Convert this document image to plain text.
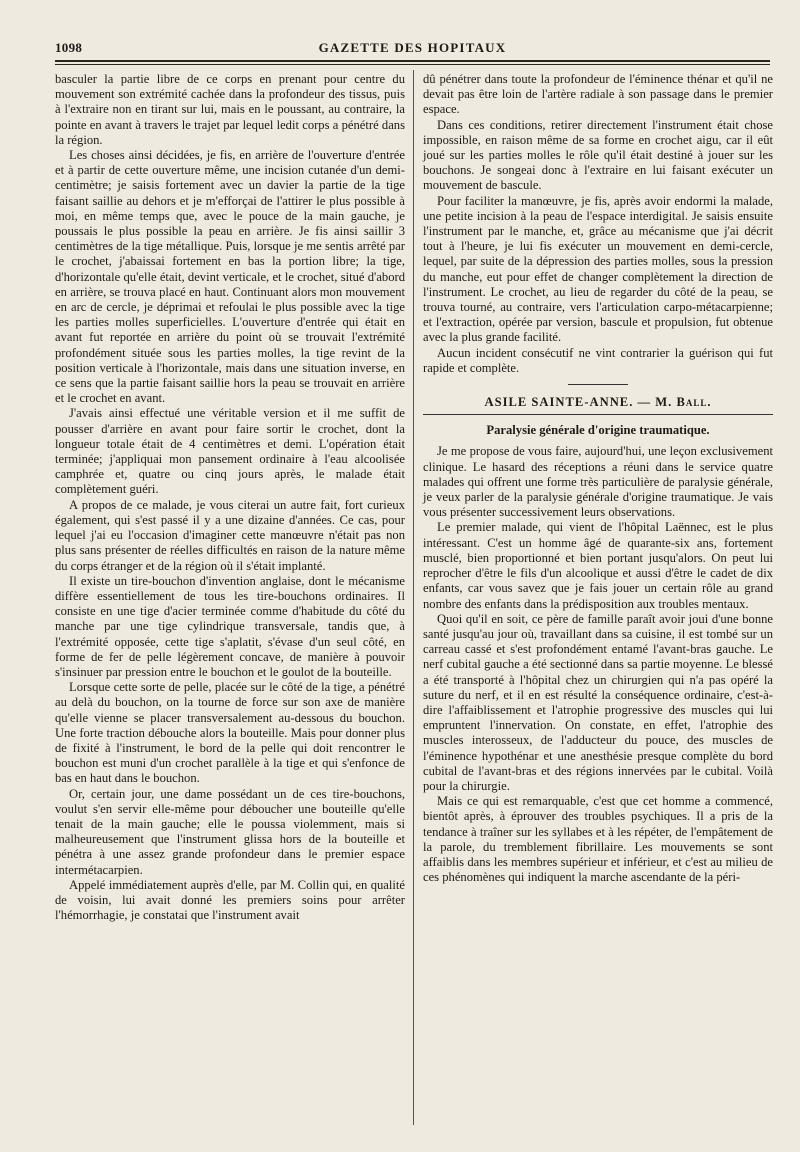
1098	GAZETTE DES HOPITAUX

basculer la partie libre de ce corps en prenant pour centre du mouvement son extrémité cachée dans la profondeur des tissus, puis à l'extraire non en tirant sur lui, mais en le poussant, au contraire, la pointe en avant à travers le trajet par lequel ledit corps a pénétré dans la région.

Les choses ainsi décidées, je fis, en arrière de l'ouverture d'entrée et à partir de cette ouverture même, une incision cutanée d'un demi-centimètre; je saisis fortement avec un davier la partie de la tige faisant saillie au dehors et je m'efforçai de l'attirer le plus possible à moi, en même temps que, avec le pouce de la main gauche, je poussais le plus possible la peau en arrière. Je fis ainsi saillir 3 centimètres de la tige métallique. Puis, lorsque je me sentis arrêté par le crochet, j'abaissai fortement en bas la portion libre; la tige, d'horizontale qu'elle était, devint verticale, et le crochet, situé d'abord en arrière, se trouva placé en haut. Continuant alors mon mouvement en arc de cercle, je déprimai et refoulai le plus possible avec la tige les parties molles superficielles. L'ouverture d'entrée qui était en avant fut reportée en arrière du point où se trouvait l'extrémité profondément située sous les parties molles, la tige revint de la position verticale à l'horizontale, mais dans une situation inverse, en ce sens que la partie faisant saillie hors la peau se trouvait en arrière et le crochet en avant.

J'avais ainsi effectué une véritable version et il me suffit de pousser d'arrière en avant pour faire sortir le crochet, dont la longueur totale était de 4 centimètres et demi. L'opération était terminée; j'appliquai mon pansement ordinaire à l'eau alcoolisée camphrée et, quatre ou cinq jours après, le malade était complètement guéri.

A propos de ce malade, je vous citerai un autre fait, fort curieux également, qui s'est passé il y a une dizaine d'années. Ce cas, pour lequel j'ai eu l'occasion d'imaginer cette manœuvre n'était pas non plus sans présenter de réelles difficultés en raison de la nature même du corps étranger et de la région où il s'était implanté.

Il existe un tire-bouchon d'invention anglaise, dont le mécanisme diffère essentiellement de tous les tire-bouchons ordinaires. Il consiste en une tige d'acier terminée comme d'habitude du côté du manche par une tige cylindrique transversale, tandis que, à l'extrémité opposée, cette tige s'aplatit, s'évase d'un seul côté, en forme de fer de pelle légèrement concave, de manière à pouvoir s'insinuer par pression entre le bouchon et le goulot de la bouteille.

Lorsque cette sorte de pelle, placée sur le côté de la tige, a pénétré au delà du bouchon, on la tourne de force sur son axe de manière qu'elle vienne se placer transversalement au-dessous du bouchon. Une forte traction débouche alors la bouteille. Mais pour donner plus de fixité à l'instrument, le bord de la pelle qui doit rencontrer le bouchon est muni d'un crochet parallèle à la tige et qui s'enfonce de bas en haut dans le bouchon.

Or, certain jour, une dame possédant un de ces tire-bouchons, voulut s'en servir elle-même pour déboucher une bouteille qu'elle tenait de la main gauche; elle le poussa violemment, mais si malheureusement que l'instrument glissa hors de la bouteille et pénétra à une assez grande profondeur dans le premier espace intermétacarpien.

Appelé immédiatement auprès d'elle, par M. Collin qui, en qualité de voisin, lui avait donné les premiers soins pour arrêter l'hémorrhagie, je constatai que l'instrument avait

dû pénétrer dans toute la profondeur de l'éminence thénar et qu'il ne devait pas être loin de l'artère radiale à son passage dans le premier espace.

Dans ces conditions, retirer directement l'instrument était chose impossible, en raison même de sa forme en crochet aigu, car il eût joué sur les parties molles le rôle qu'il était destiné à jouer sur les bouchons. Je songeai donc à l'extraire en lui faisant exécuter un mouvement de bascule.

Pour faciliter la manœuvre, je fis, après avoir endormi la malade, une petite incision à la peau de l'espace interdigital. Je saisis ensuite l'instrument par le manche, et, grâce au mécanisme que j'ai décrit tout à l'heure, je lui fis exécuter un mouvement en demi-cercle, lequel, par suite de la dépression des parties molles, sous la pression du manche, eut pour effet de changer complètement la direction de l'instrument. Le crochet, au lieu de regarder du côté de la peau, se trouva tourné, au contraire, vers l'articulation carpo-métacarpienne; et l'extraction, opérée par version, bascule et propulsion, fut obtenue avec la plus grande facilité.

Aucun incident consécutif ne vint contrarier la guérison qui fut rapide et complète.

ASILE SAINTE-ANNE. — M. Ball.
Paralysie générale d'origine traumatique.

Je me propose de vous faire, aujourd'hui, une leçon exclusivement clinique. Le hasard des réceptions a réuni dans le service quatre malades qui offrent une forme très particulière de paralysie générale, je veux parler de la paralysie générale d'origine traumatique. Je vais vous présenter successivement leurs observations.

Le premier malade, qui vient de l'hôpital Laënnec, est le plus intéressant. C'est un homme âgé de quarante-six ans, fortement musclé, bien proportionné et bien portant jusqu'alors. On peut lui reprocher d'être le fils d'un alcoolique et aussi d'être le cadet de dix enfants, car vous savez que je fais jouer un certain rôle au grand nombre des enfants dans la prédisposition aux troubles mentaux.

Quoi qu'il en soit, ce père de famille paraît avoir joui d'une bonne santé jusqu'au jour où, travaillant dans sa cuisine, il est tombé sur un carreau cassé et s'est profondément entamé l'avant-bras gauche. Le nerf cubital gauche a été sectionné dans sa partie moyenne. Le blessé a été transporté à l'hôpital chez un chirurgien qui n'a pas opéré la suture du nerf, et il en est résulté la conséquence ordinaire, c'est-à-dire l'affaiblissement et l'atrophie progressive des muscles qui lui empruntent l'innervation. On constate, en effet, l'atrophie des muscles interosseux, de l'adducteur du pouce, des muscles de l'éminence hypothénar et une anesthésie presque complète du bord cubital de l'avant-bras et des régions innervées par le cubital. Voilà pour la chirurgie.

Mais ce qui est remarquable, c'est que cet homme a commencé, bientôt après, à éprouver des troubles psychiques. Il a pris de la tendance à traîner sur les syllabes et à les répéter, de l'empâtement de la parole, du tremblement fibrillaire. Les mouvements se sont affaiblis dans les membres supérieur et inférieur, et c'est au milieu de ces phénomènes qui indiquent la marche ascendante de la péri-
